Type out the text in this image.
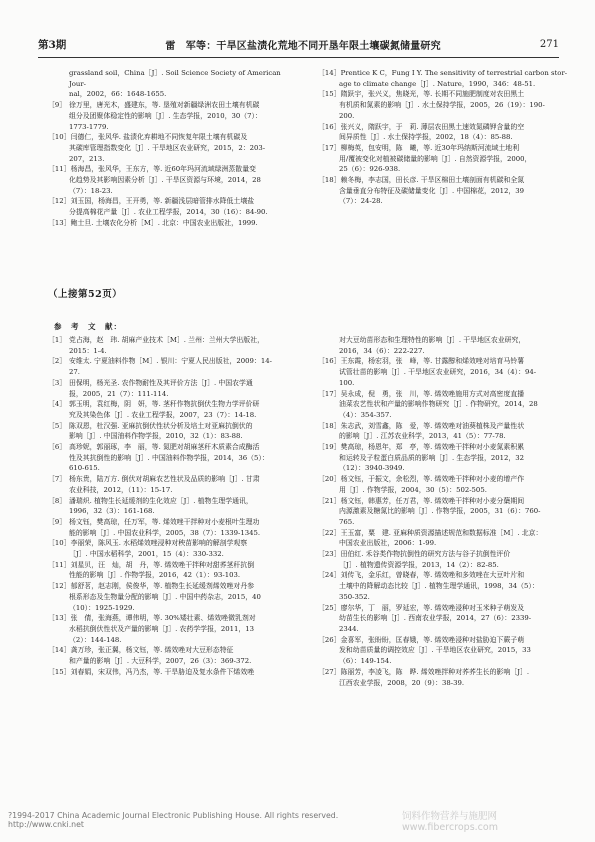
第3期	雷　军等：干旱区盐渍化荒地不同开垦年限土壤碳氮储量研究	271
grassland soil，China［J］. Soil Science Society of American Jour-
nal，2002，66：1648-1655.
［9］ 徐万里，唐光木，盛建东，等. 垦殖对新疆绿洲农田土壤有机碳
组分及团聚体稳定性的影响［J］. 生态学报，2010，30（7）：
1773-1779.
［10］ 闫德仁，张风华. 盐渍化弃耕地不同恢复年限土壤有机碳及
其碳库管理指数变化［J］. 干旱地区农业研究，2015，2：203-
207，213.
［11］ 杨海昌，张风华，王东方，等. 近60年玛河流域绿洲蒸散量变
化趋势及其影响因素分析［J］. 干旱区资源与环境，2014，28
（7）：18-23.
［12］ 刘玉国，杨海昌，王开勇，等. 新疆浅层暗管排水降低土壤盐
分提高棉花产量［J］. 农业工程学报，2014，30（16）：84-90.
［13］ 鲍士旦. 土壤农化分析［M］. 北京：中国农业出版社，1999.
［14］ Prentice K C，Fung I Y. The sensitivity of terrestrial carbon stor-
age to climate change［J］. Nature，1990，346：48-51.
［15］ 隋跃宇，张兴义，焦晓光，等. 长期不同施肥制度对农田黑土
有机质和氮素的影响［J］. 水土保持学报，2005，26（19）：190-
200.
［16］ 张兴义，隋跃宇，于　莉. 薄层农田黑土速效氮磷钾含量的空
间异质性［J］. 水土保持学报，2002，18（4）：85-88.
［17］ 柳梅英，包安明，陈　曦，等. 近30年玛纳斯河流域土地利
用/覆被变化对植被碳储量的影响［J］. 自然资源学报，2000，
25（6）：926-938.
［18］ 赖冬梅，李志国，田长彦. 干旱区棉田土壤剖面有机碳和全氮
含量垂直分布特征及碳储量变化［J］. 中国棉花，2012，39
（7）：24-28.
（上接第52页）
参　考　文　献：
［1］ 党占海，赵　玮. 胡麻产业技术［M］. 兰州：兰州大学出版社，
2015：1-4.
［2］ 安维太. 宁夏油料作物［M］. 银川：宁夏人民出版社，2009：14-
27.
［3］ 田保明，杨光圣. 农作物耐性及其评价方法［J］. 中国农学通
报，2005，21（7）：111-114.
［4］ 郭玉明，袁红梅，阴　妍，等. 茎秆作物抗倒伏生物力学评价研
究及其染色体［J］. 农业工程学报，2007，23（7）：14-18.
［5］ 陈双恩，杜汉强. 亚麻抗倒伏性状分析及培土对亚麻抗倒伏的
影响［J］. 中国油料作物学报，2010，32（1）：83-88.
［6］ 高珍妮，郭丽琢，李　丽，等. 氮肥对胡麻茎秆木质素合成酶活
性及其抗倒性的影响［J］. 中国油料作物学报，2014，36（5）：
610-615.
［7］ 杨东贵，陆万方. 倒伏对胡麻农艺性状及品质的影响［J］. 甘肃
农业科技，2012，（11）：15-17.
［8］ 潘瑞炽. 植物生长延缓剂的生化效应［J］. 植物生理学通讯，
1996，32（3）：161-168.
［9］ 杨文钰，樊高琼，任万军，等. 烯效唑干拌种对小麦根叶生理功
能的影响［J］. 中国农业科学，2005，38（7）：1339-1345.
［10］ 李丽荣，陈风玉. 水稻烯效唑浸种对秧苗影响的解剖学观察
［J］. 中国水稻科学，2001，15（4）：330-332.
［11］ 刘星贝，汪　灿，胡　丹，等. 烯效唑干拌种对甜荞茎秆抗倒
性能的影响［J］. 作物学报，2016，42（1）：93-103.
［12］ 郁舒茗，赵志刚，侯俊华，等. 植物生长延缓剂烯效唑对丹参
根系形态及生物量分配的影响［J］. 中国中药杂志，2015，40
（10）：1925-1929.
［13］ 张　倩，张海燕，谭伟明，等. 30%矮壮素、烯效唑微乳剂对
水稻抗倒伏性状及产量的影响［J］. 农药学学报，2011，13
（2）：144-148.
［14］ 龚万珍，张正翼，杨文钰，等. 烯效唑对大豆形态特征
和产量的影响［J］. 大豆科学，2007，26（3）：369-372.
［15］ 刘春娟，宋双伟，冯乃杰，等. 干旱胁迫及复水条件下烯效唑
对大豆幼苗形态和生理特性的影响［J］. 干旱地区农业研究，
2016，34（6）：222-227.
［16］ 王东霞，杨宏羽，张　峰，等. 甘露醇和烯效唑对培育马铃薯
试管壮苗的影响［J］. 干旱地区农业研究，2016，34（4）：94-
100.
［17］ 吴永成，倪　勇，张　川，等. 烯效唑施用方式对高密度直播
油菜农艺性状和产量的影响作物研究［J］. 作物研究，2014，28
（4）：354-357.
［18］ 朱志武，刘雪鑫，陈　爱，等. 烯效唑对油葵植株及产量性状
的影响［J］. 江苏农业科学，2013，41（5）：77-78.
［19］ 樊高琼，杨恩年，郑　亭，等. 烯效唑干拌种对小麦氮素积累
和运转及子粒蛋白质品质的影响［J］. 生态学报，2012，32
（12）：3940-3949.
［20］ 杨文钰，于振文，余松烈，等. 烯效唑干拌种对小麦的增产作
用［J］. 作物学报，2004，30（5）：502-505.
［21］ 杨文钰，韩惠芳，任万君，等. 烯效唑干拌种对小麦分蘖期间
内源激素及糖氮比的影响［J］. 作物学报，2005，31（6）：760-
765.
［22］ 王玉富，粟　建. 亚麻种质资源描述规范和数据标准［M］. 北京：
中国农业出版社，2006：1-99.
［23］ 田伯红. 禾谷类作物抗倒性的研究方法与谷子抗倒性评价
［J］. 植物遗传资源学报，2013，14（2）：82-85.
［24］ 刘传飞，金乐红，曾晓春，等. 烯效唑和多效唑在大豆叶片和
土壤中的降解动态比较［J］. 植物生理学通讯，1998，34（5）：
350-352.
［25］ 廖尔华，丁　丽，罗延宏，等. 烯效唑浸种对玉米种子萌发及
幼苗生长的影响［J］. 西南农业学报，2014，27（6）：2339-
2344.
［26］ 金喜军，张盼盼，匡春娥，等. 烯效唑浸种对盐胁迫下蕨子萌
发和幼苗质量的调控效应［J］. 干旱地区农业研究，2015，33
（6）：149-154.
［27］ 陈丽芳，李凌飞，陈　晔. 烯效唑拌种对荞荞生长的影响［J］.
江西农业学报，2008，20（9）：38-39.
?1994-2017 China Academic Journal Electronic Publishing House. All rights reserved. http://www.cnki.net
饲料作物营养与施肥网 www.fibercrops.com
